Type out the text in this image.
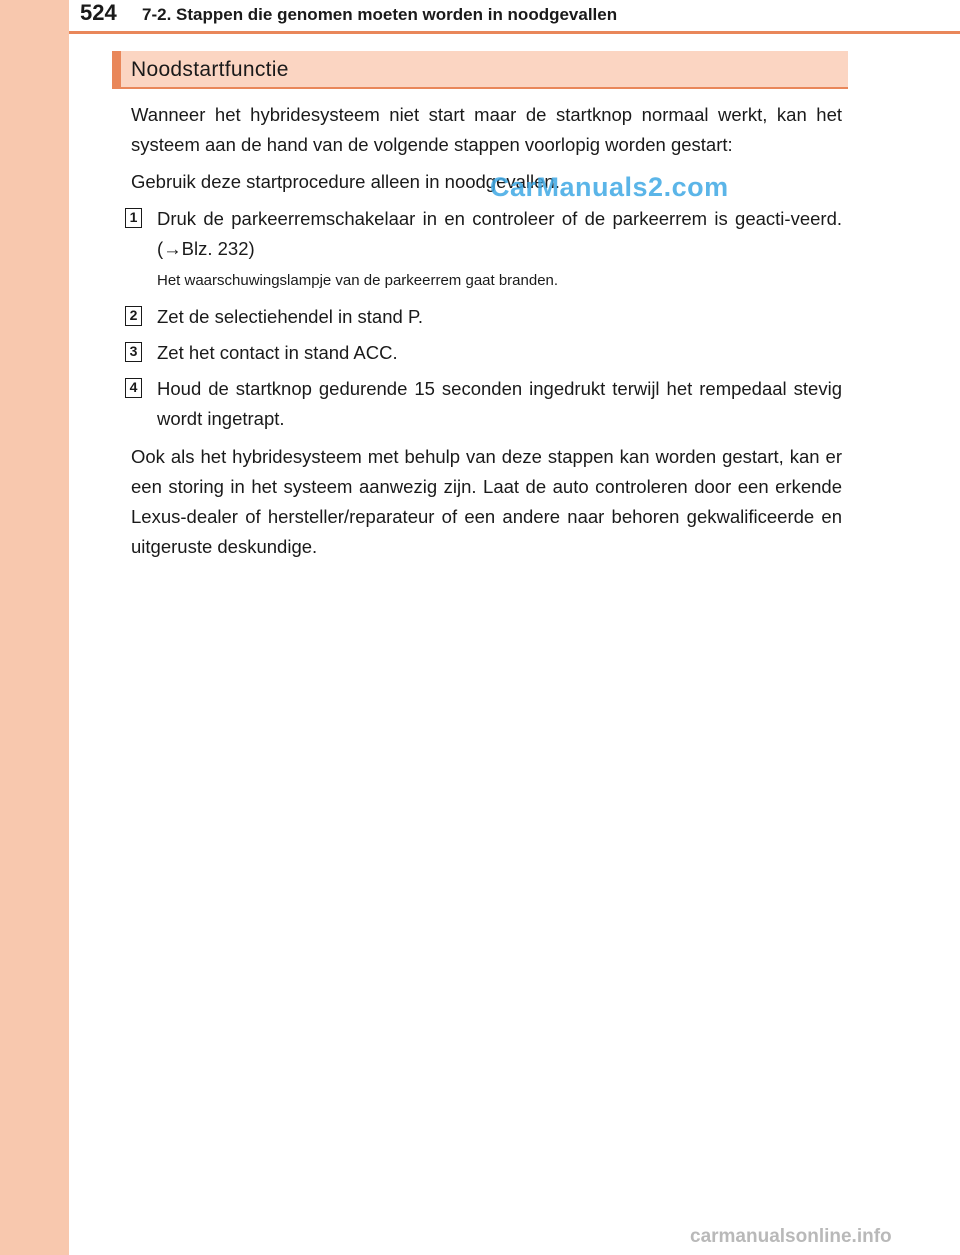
524 7-2. Stappen die genomen moeten worden in noodgevallen
Noodstartfunctie

Wanneer het hybridesysteem niet start maar de startknop normaal werkt, kan het systeem aan de hand van de volgende stappen voorlopig worden gestart:

Gebruik deze startprocedure alleen in noodgevallen.

1 Druk de parkeerremschakelaar in en controleer of de parkeerrem is geacti-veerd. (→Blz. 232)
Het waarschuwingslampje van de parkeerrem gaat branden.
2 Zet de selectiehendel in stand P.
3 Zet het contact in stand ACC.
4 Houd de startknop gedurende 15 seconden ingedrukt terwijl het rempedaal stevig wordt ingetrapt.

Ook als het hybridesysteem met behulp van deze stappen kan worden gestart, kan er een storing in het systeem aanwezig zijn. Laat de auto controleren door een erkende Lexus-dealer of hersteller/reparateur of een andere naar behoren gekwalificeerde en uitgeruste deskundige.

CarManuals2.com
carmanualsonline.info
